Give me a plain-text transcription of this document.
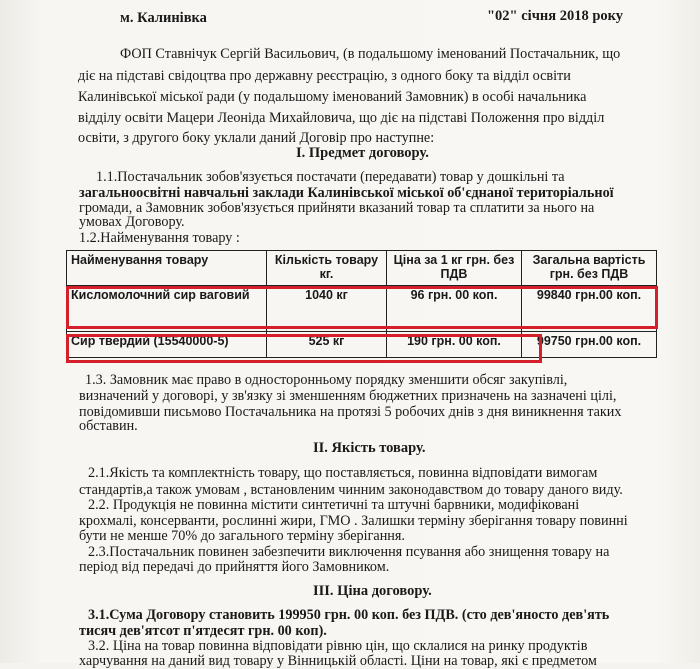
м. Калинівка	"02" січня 2018 року
ФОП Ставнічук Сергій Васильович, (в подальшому іменований Постачальник, що
діє на підставі свідоцтва про державну реєстрацію, з одного боку та відділ освіти
Калинівської міської ради (у подальшому іменований Замовник) в особі начальника
відділу освіти Мацери Леоніда Михайловича, що діє на підставі Положення про відділ
освіти, з другого боку уклали даний Договір про наступне:
І. Предмет договору.
1.1.Постачальник зобов'язується постачати (передавати) товар у дошкільні та
загальноосвітні навчальні заклади Калинівської міської об'єднаної територіальної
громади, а Замовник зобов'язується прийняти вказаний товар та сплатити за нього на
умовах Договору.
1.2.Найменування товару :
Найменування товару	Кількість товару кг.	Ціна за 1 кг грн. без ПДВ	Загальна вартість грн. без ПДВ
Кисломолочний сир ваговий	1040 кг	96 грн. 00 коп.	99840 грн.00 коп.
Сир твердий (15540000-5)	525 кг	190 грн. 00 коп.	99750 грн.00 коп.
1.3. Замовник має право в односторонньому порядку зменшити обсяг закупівлі,
визначений у договорі, у зв'язку зі зменшенням бюджетних призначень на зазначені цілі,
повідомивши письмово Постачальника на протязі 5 робочих днів з дня виникнення таких
обставин.
ІІ. Якість товару.
2.1.Якість та комплектність товару, що поставляється, повинна відповідати вимогам
стандартів,а також умовам , встановленим чинним законодавством до товару даного виду.
2.2. Продукція не повинна містити синтетичні та штучні барвники, модифіковані
крохмалі, консерванти, рослинні жири, ГМО . Залишки терміну зберігання товару повинні
бути не менше 70% до загального терміну зберігання.
2.3.Постачальник повинен забезпечити виключення псування або знищення товару на
період від передачі до прийняття його Замовником.
ІІІ. Ціна договору.
3.1.Сума Договору становить 199950 грн. 00 коп. без ПДВ. (сто дев'яносто дев'ять
тисяч дев'ятсот п'ятдесят грн. 00 коп).
3.2. Ціна на товар повинна відповідати рівню цін, що склалися на ринку продуктів
харчування на даний вид товару у Вінницькій області. Ціни на товар, які є предметом
